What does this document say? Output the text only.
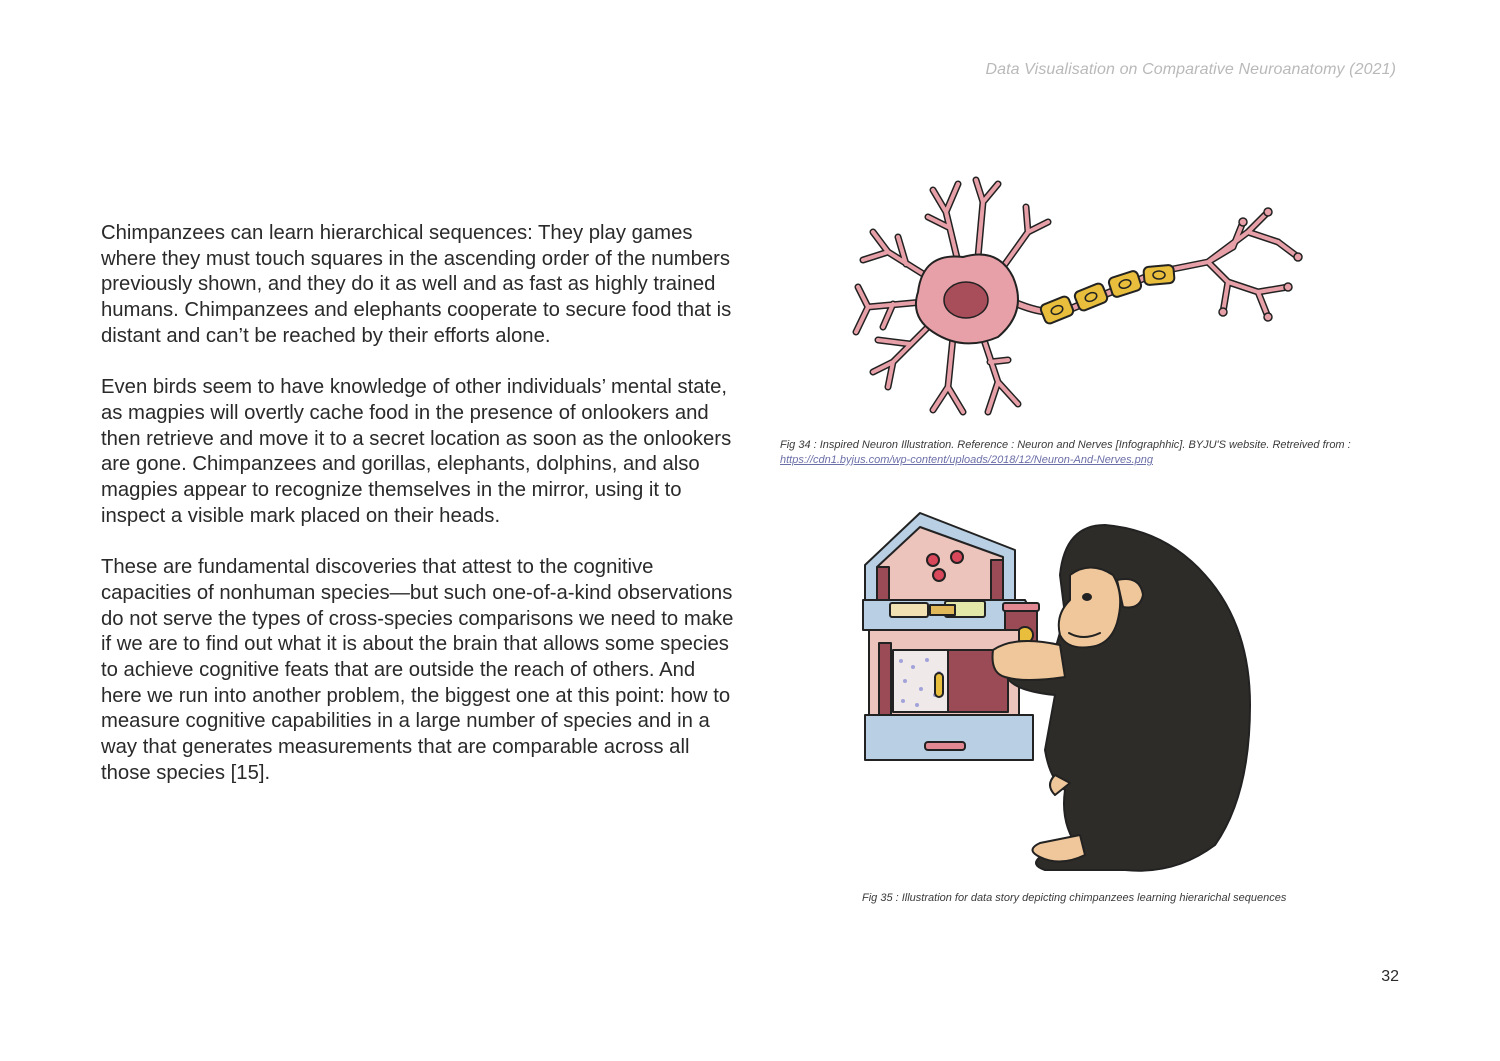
Data Visualisation on Comparative Neuroanatomy (2021)

Chimpanzees can learn hierarchical sequences: They play games where they must touch squares in the ascending order of the numbers previously shown, and they do it as well and as fast as highly trained humans. Chimpanzees and elephants cooperate to secure food that is distant and can’t be reached by their efforts alone.

Even birds seem to have knowledge of other individuals’ mental state, as magpies will overtly cache food in the presence of onlookers and then retrieve and move it to a secret location as soon as the onlookers are gone. Chimpanzees and gorillas, elephants, dolphins, and also magpies appear to recognize themselves in the mirror, using it to inspect a visible mark placed on their heads.

These are fundamental discoveries that attest to the cognitive capacities of nonhuman species—but such one-of-a-kind observations do not serve the types of cross-species comparisons we need to make if we are to find out what it is about the brain that allows some species to achieve cognitive feats that are outside the reach of others. And here we run into another problem, the biggest one at this point: how to measure cognitive capabilities in a large number of species and in a way that generates measurements that are comparable across all those species [15].

Fig 34 : Inspired Neuron Illustration. Reference : Neuron and Nerves [Infographhic]. BYJU'S website. Retreived from :
https://cdn1.byjus.com/wp-content/uploads/2018/12/Neuron-And-Nerves.png
Fig 35 : Illustration for data story depicting chimpanzees learning hierarichal sequences
32
